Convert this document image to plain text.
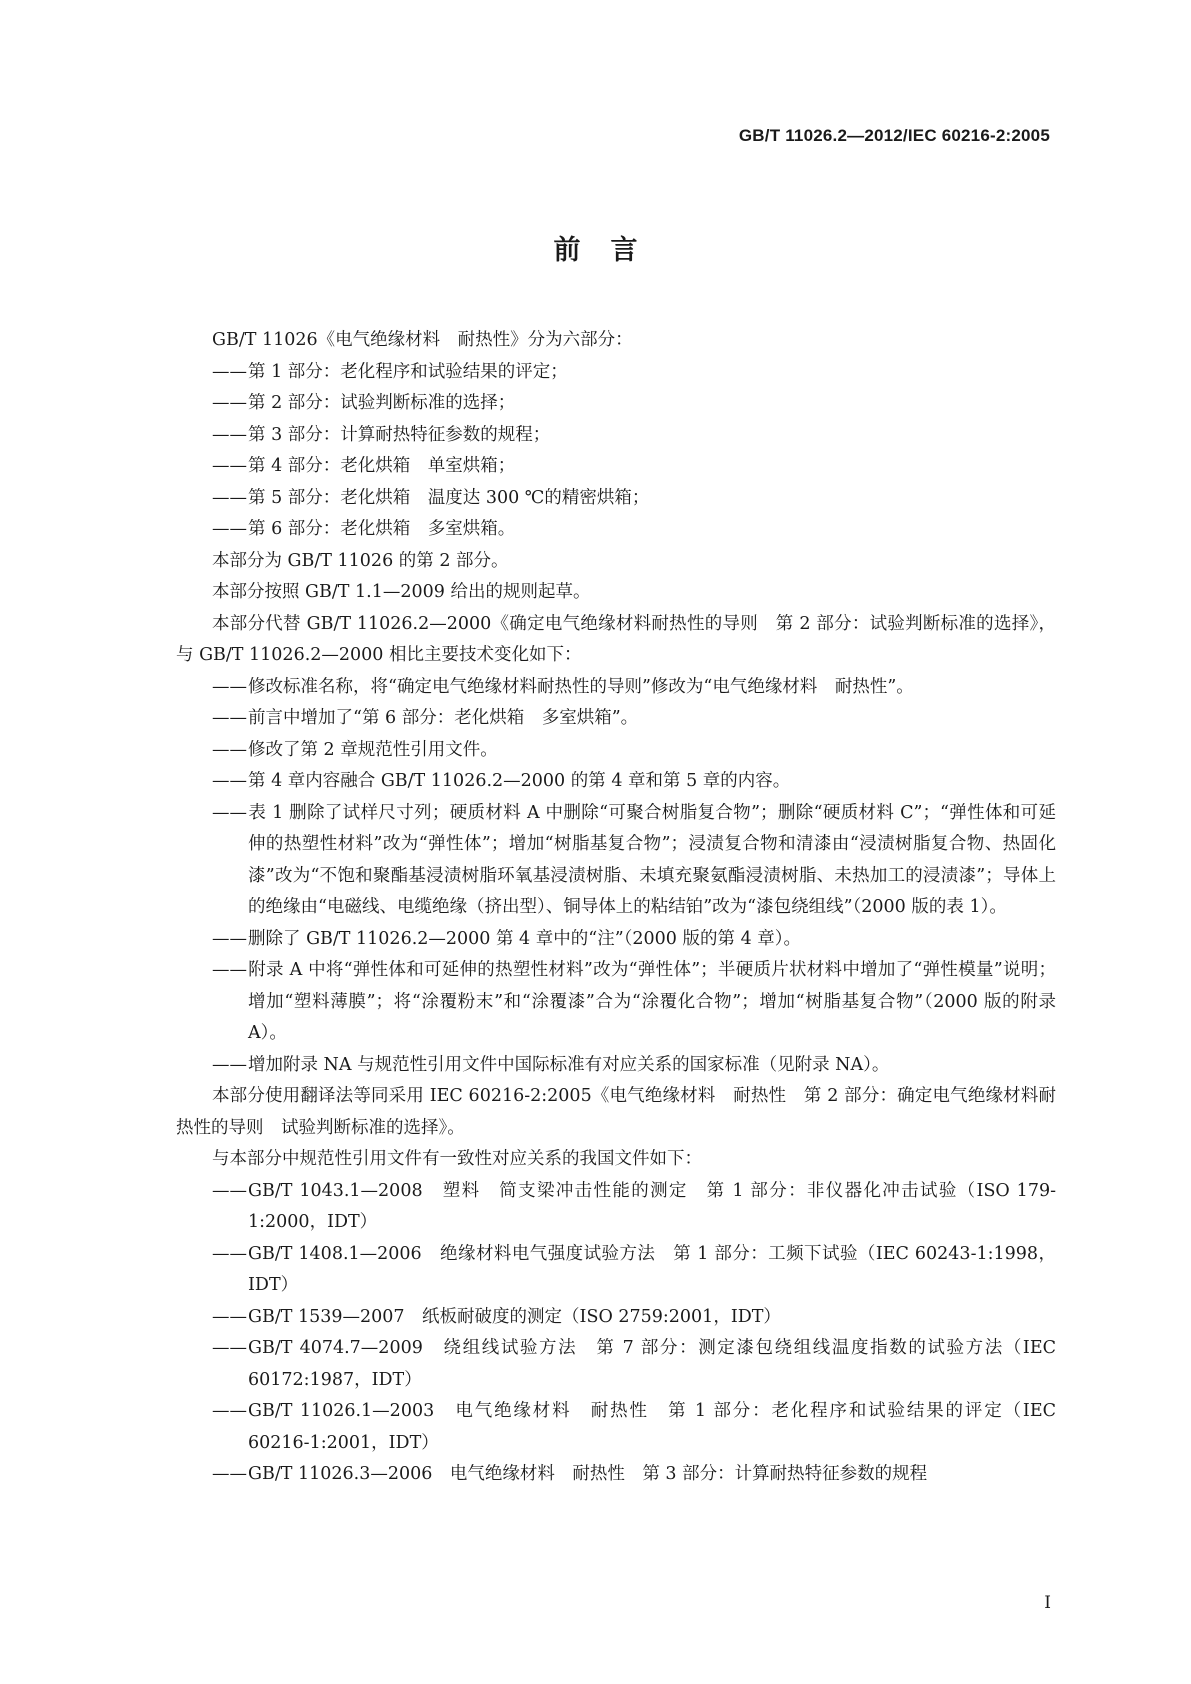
GB/T 11026.2—2012/IEC 60216-2:2005
前言

GB/T 11026《电气绝缘材料　耐热性》分为六部分：

——第 1 部分：老化程序和试验结果的评定；
——第 2 部分：试验判断标准的选择；
——第 3 部分：计算耐热特征参数的规程；
——第 4 部分：老化烘箱　单室烘箱；
——第 5 部分：老化烘箱　温度达 300 ℃的精密烘箱；
——第 6 部分：老化烘箱　多室烘箱。

本部分为 GB/T 11026 的第 2 部分。

本部分按照 GB/T 1.1—2009 给出的规则起草。

本部分代替 GB/T 11026.2—2000《确定电气绝缘材料耐热性的导则　第 2 部分：试验判断标准的选择》，与 GB/T 11026.2—2000 相比主要技术变化如下：

——修改标准名称，将“确定电气绝缘材料耐热性的导则”修改为“电气绝缘材料　耐热性”。
——前言中增加了“第 6 部分：老化烘箱　多室烘箱”。
——修改了第 2 章规范性引用文件。
——第 4 章内容融合 GB/T 11026.2—2000 的第 4 章和第 5 章的内容。
——表 1 删除了试样尺寸列；硬质材料 A 中删除“可聚合树脂复合物”；删除“硬质材料 C”；“弹性体和可延伸的热塑性材料”改为“弹性体”；增加“树脂基复合物”；浸渍复合物和清漆由“浸渍树脂复合物、热固化漆”改为“不饱和聚酯基浸渍树脂环氧基浸渍树脂、未填充聚氨酯浸渍树脂、未热加工的浸渍漆”；导体上的绝缘由“电磁线、电缆绝缘（挤出型）、铜导体上的粘结铂”改为“漆包绕组线”（2000 版的表 1）。
——删除了 GB/T 11026.2—2000 第 4 章中的“注”（2000 版的第 4 章）。
——附录 A 中将“弹性体和可延伸的热塑性材料”改为“弹性体”；半硬质片状材料中增加了“弹性模量”说明；增加“塑料薄膜”；将“涂覆粉末”和“涂覆漆”合为“涂覆化合物”；增加“树脂基复合物”（2000 版的附录 A）。
——增加附录 NA 与规范性引用文件中国际标准有对应关系的国家标准（见附录 NA）。

本部分使用翻译法等同采用 IEC 60216-2:2005《电气绝缘材料　耐热性　第 2 部分：确定电气绝缘材料耐热性的导则　试验判断标准的选择》。

与本部分中规范性引用文件有一致性对应关系的我国文件如下：

——GB/T 1043.1—2008　塑料　简支梁冲击性能的测定　第 1 部分：非仪器化冲击试验（ISO 179-1:2000，IDT）
——GB/T 1408.1—2006　绝缘材料电气强度试验方法　第 1 部分：工频下试验（IEC 60243-1:1998，IDT）
——GB/T 1539—2007　纸板耐破度的测定（ISO 2759:2001，IDT）
——GB/T 4074.7—2009　绕组线试验方法　第 7 部分：测定漆包绕组线温度指数的试验方法（IEC 60172:1987，IDT）
——GB/T 11026.1—2003　电气绝缘材料　耐热性　第 1 部分：老化程序和试验结果的评定（IEC 60216-1:2001，IDT）
——GB/T 11026.3—2006　电气绝缘材料　耐热性　第 3 部分：计算耐热特征参数的规程
I
